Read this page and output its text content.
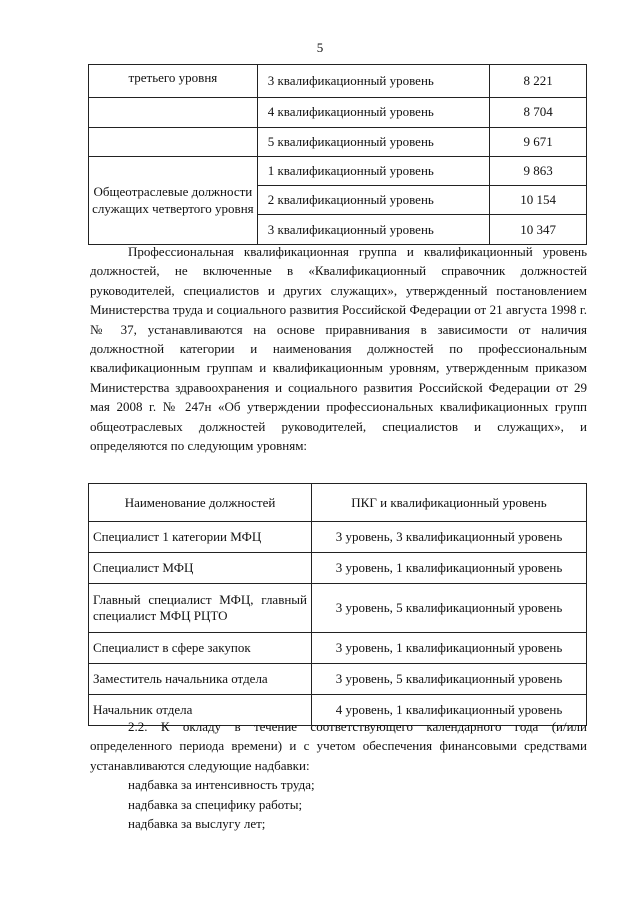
5
третьего уровня	3 квалификационный уровень	8 221
	4 квалификационный уровень	8 704
	5 квалификационный уровень	9 671
Общеотраслевые должности служащих четвертого уровня	1 квалификационный уровень	9 863
	2 квалификационный уровень	10 154
	3 квалификационный уровень	10 347

Профессиональная квалификационная группа и квалификационный уровень должностей, не включенные в «Квалификационный справочник должностей руководителей, специалистов и других служащих», утвержденный постановлением Министерства труда и социального развития Российской Федерации от 21 августа 1998 г. № 37, устанавливаются на основе приравнивания в зависимости от наличия должностной категории и наименования должностей по профессиональным квалификационным группам и квалификационным уровням, утвержденным приказом Министерства здравоохранения и социального развития Российской Федерации от 29 мая 2008 г. № 247н «Об утверждении профессиональных квалификационных групп общеотраслевых должностей руководителей, специалистов и служащих», и определяются по следующим уровням:

Наименование должностей	ПКГ и квалификационный уровень
Специалист 1 категории МФЦ	3 уровень, 3 квалификационный уровень
Специалист МФЦ	3 уровень, 1 квалификационный уровень
Главный специалист МФЦ, главный специалист МФЦ РЦТО	3 уровень, 5 квалификационный уровень
Специалист в сфере закупок	3 уровень, 1 квалификационный уровень
Заместитель начальника отдела	3 уровень, 5 квалификационный уровень
Начальник отдела	4 уровень, 1 квалификационный уровень

2.2. К окладу в течение соответствующего календарного года (и/или определенного периода времени) и с учетом обеспечения финансовыми средствами устанавливаются следующие надбавки:

надбавка за интенсивность труда;
надбавка за специфику работы;
надбавка за выслугу лет;
